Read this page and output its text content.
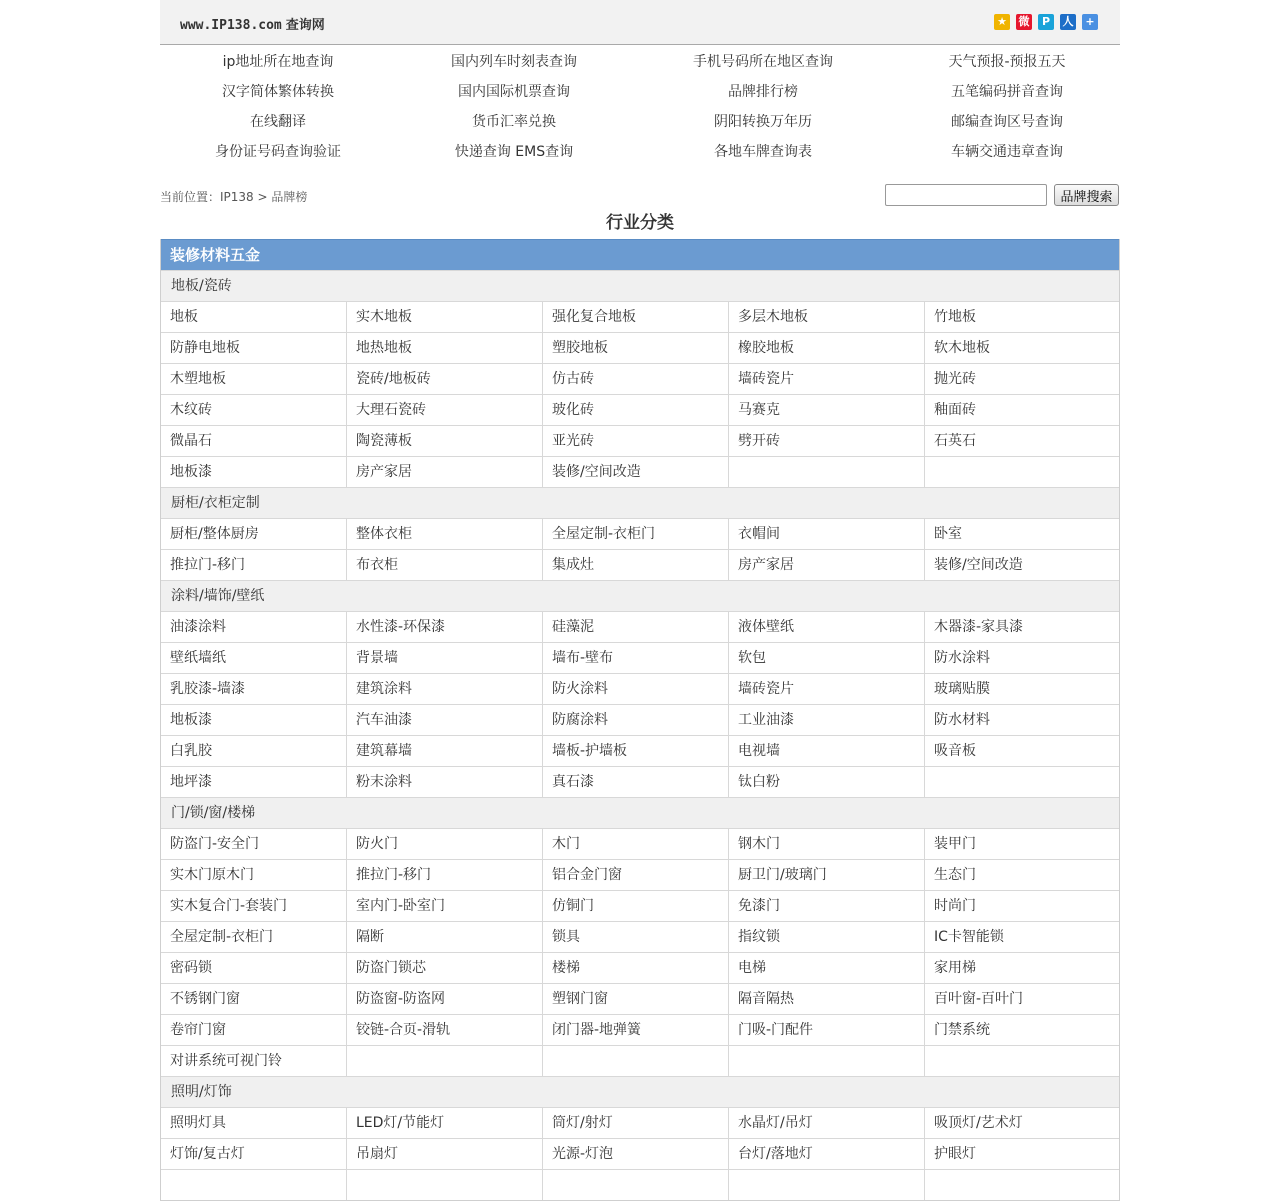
www.IP138.com 查询网	★ 微	P	人	+
ip地址所在地查询	国内列车时刻表查询	手机号码所在地区查询	天气预报-预报五天
汉字简体繁体转换	国内国际机票查询	品牌排行榜	五笔编码拼音查询
在线翻译	货币汇率兑换	阴阳转换万年历	邮编查询区号查询
身份证号码查询验证	快递查询 EMS查询	各地车牌查询表	车辆交通违章查询
当前位置：IP138 > 品牌榜	品牌搜索
行业分类
装修材料五金
地板/瓷砖
地板	实木地板	强化复合地板	多层木地板	竹地板
防静电地板	地热地板	塑胶地板	橡胶地板	软木地板
木塑地板	瓷砖/地板砖	仿古砖	墙砖瓷片	抛光砖
木纹砖	大理石瓷砖	玻化砖	马赛克	釉面砖
微晶石	陶瓷薄板	亚光砖	劈开砖	石英石
地板漆	房产家居	装修/空间改造
厨柜/衣柜定制
厨柜/整体厨房	整体衣柜	全屋定制-衣柜门	衣帽间	卧室
推拉门-移门	布衣柜	集成灶	房产家居	装修/空间改造
涂料/墙饰/壁纸
油漆涂料	水性漆-环保漆	硅藻泥	液体壁纸	木器漆-家具漆
壁纸墙纸	背景墙	墙布-壁布	软包	防水涂料
乳胶漆-墙漆	建筑涂料	防火涂料	墙砖瓷片	玻璃贴膜
地板漆	汽车油漆	防腐涂料	工业油漆	防水材料
白乳胶	建筑幕墙	墙板-护墙板	电视墙	吸音板
地坪漆	粉末涂料	真石漆	钛白粉
门/锁/窗/楼梯
防盗门-安全门	防火门	木门	钢木门	装甲门
实木门原木门	推拉门-移门	铝合金门窗	厨卫门/玻璃门	生态门
实木复合门-套装门	室内门-卧室门	仿铜门	免漆门	时尚门
全屋定制-衣柜门	隔断	锁具	指纹锁	IC卡智能锁
密码锁	防盗门锁芯	楼梯	电梯	家用梯
不锈钢门窗	防盗窗-防盗网	塑钢门窗	隔音隔热	百叶窗-百叶门
卷帘门窗	铰链-合页-滑轨	闭门器-地弹簧	门吸-门配件	门禁系统
对讲系统可视门铃
照明/灯饰
照明灯具	LED灯/节能灯	筒灯/射灯	水晶灯/吊灯	吸顶灯/艺术灯
灯饰/复古灯	吊扇灯	光源-灯泡	台灯/落地灯	护眼灯
